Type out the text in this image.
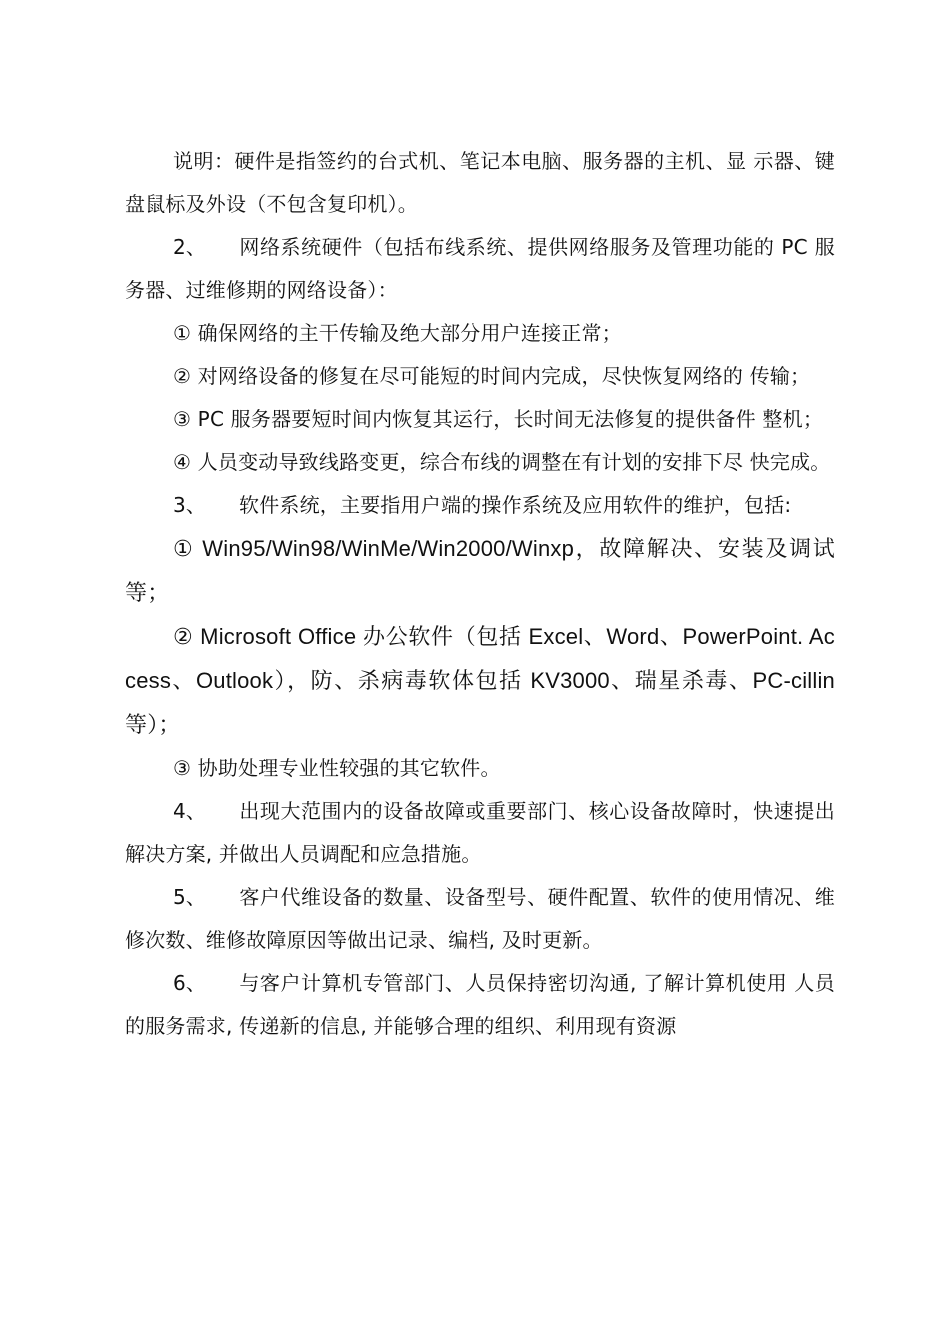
说明：硬件是指签约的台式机、笔记本电脑、服务器的主机、显 示器、键盘鼠标及外设（不包含复印机）。

2、 网络系统硬件（包括布线系统、提供网络服务及管理功能的 PC 服务器、过维修期的网络设备）：

① 确保网络的主干传输及绝大部分用户连接正常；

② 对网络设备的修复在尽可能短的时间内完成，尽快恢复网络的 传输；

③ PC 服务器要短时间内恢复其运行，长时间无法修复的提供备件 整机；

④ 人员变动导致线路变更，综合布线的调整在有计划的安排下尽 快完成。

3、 软件系统，主要指用户端的操作系统及应用软件的维护，包括:

① Win95/Win98/WinMe/Win2000/Winxp，故障解决、安装及调试等；

② Microsoft Office 办公软件（包括 Excel、Word、PowerPoint. Access、Outlook），防、杀病毒软体包括 KV3000、瑞星杀毒、PC-cillin 等）；

③ 协助处理专业性较强的其它软件。

4、 出现大范围内的设备故障或重要部门、核心设备故障时，快速提出解决方案, 并做出人员调配和应急措施。

5、 客户代维设备的数量、设备型号、硬件配置、软件的使用情况、维修次数、维修故障原因等做出记录、编档, 及时更新。

6、 与客户计算机专管部门、人员保持密切沟通, 了解计算机使用 人员的服务需求, 传递新的信息, 并能够合理的组织、利用现有资源
